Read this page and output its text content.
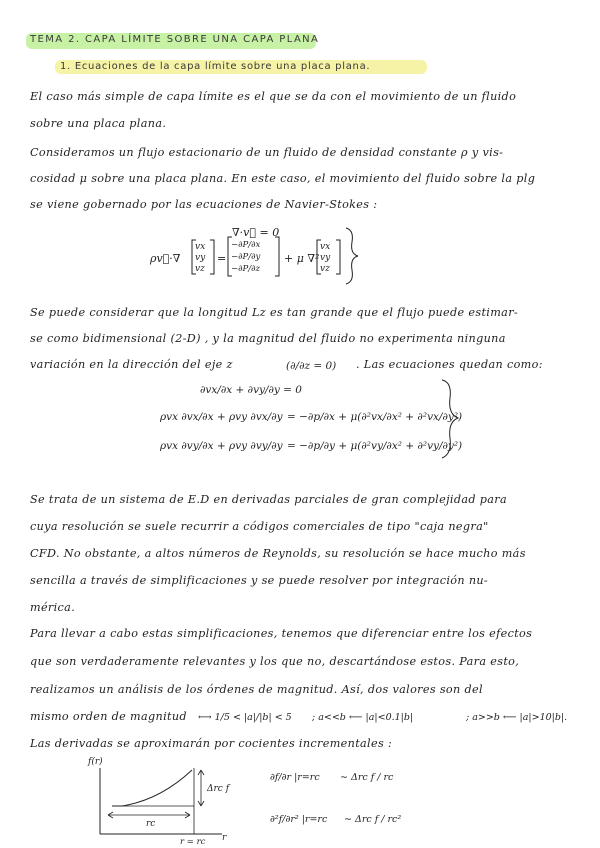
TEMA 2. CAPA LÍMITE SOBRE UNA CAPA PLANA
1. Ecuaciones de la capa límite sobre una placa plana.
El caso más simple de capa límite es el que se da con el movimiento de un fluido
sobre una placa plana.
Consideramos un flujo estacionario de un fluido de densidad constante ρ y vis-
cosidad μ sobre una placa plana. En este caso, el movimiento del fluido sobre la plg
se viene gobernado por las ecuaciones de Navier-Stokes :
Se puede considerar que la longitud Lz es tan grande que el flujo puede estimar-
se como bidimensional (2-D) , y la magnitud del fluido no experimenta ninguna
variación en la dirección del eje z	. Las ecuaciones quedan como:
Se trata de un sistema de E.D en derivadas parciales de gran complejidad para
cuya resolución se suele recurrir a códigos comerciales de tipo "caja negra"
CFD. No obstante, a altos números de Reynolds, su resolución se hace mucho más
sencilla a través de simplificaciones y se puede resolver por integración nu-
mérica.
Para llevar a cabo estas simplificaciones, tenemos que diferenciar entre los efectos
que son verdaderamente relevantes y los que no, descartándose estos. Para esto,
realizamos un análisis de los órdenes de magnitud. Así, dos valores son del
mismo orden de magnitud
Las derivadas se aproximarán por cocientes incrementales :
∇·v⃗ = 0
ρv⃗·∇
vx
vy
vz
=
−∂P/∂x
−∂P/∂y
−∂P/∂z
+ μ ∇²
vx
vy
vz
(∂/∂z = 0)
∂vx/∂x + ∂vy/∂y = 0
ρvx ∂vx/∂x + ρvy ∂vx/∂y = −∂p/∂x + μ(∂²vx/∂x² + ∂²vx/∂y²)
ρvx ∂vy/∂x + ρvy ∂vy/∂y = −∂p/∂y + μ(∂²vy/∂x² + ∂²vy/∂y²)
⟷ 1/5 < |a|/|b| < 5 ; a<<b ⟵ |a|<0.1|b|	; a>>b ⟵ |a|>10|b|.
f(r)
r
rc
r = rc
Δrc f
∂f/∂r |r=rc ∼ Δrc f / rc
∂²f/∂r² |r=rc ∼ Δrc f / rc²
